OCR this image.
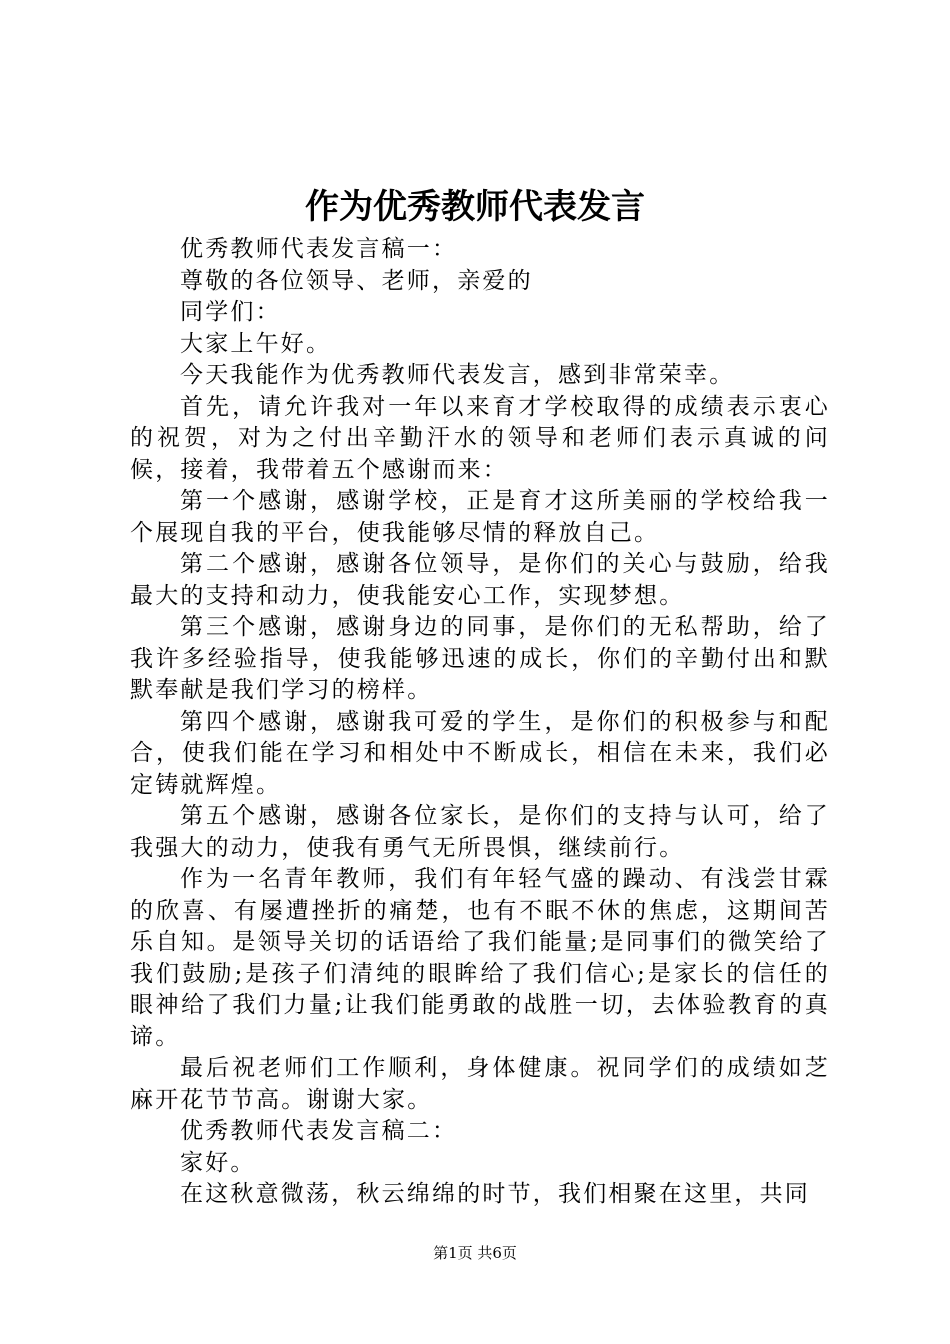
作为优秀教师代表发言

优秀教师代表发言稿一：

尊敬的各位领导、老师，亲爱的

同学们：

大家上午好。

今天我能作为优秀教师代表发言，感到非常荣幸。

首先，请允许我对一年以来育才学校取得的成绩表示衷心的祝贺，对为之付出辛勤汗水的领导和老师们表示真诚的问候，接着，我带着五个感谢而来：

第一个感谢，感谢学校，正是育才这所美丽的学校给我一个展现自我的平台，使我能够尽情的释放自己。

第二个感谢，感谢各位领导，是你们的关心与鼓励，给我最大的支持和动力，使我能安心工作，实现梦想。

第三个感谢，感谢身边的同事，是你们的无私帮助，给了我许多经验指导，使我能够迅速的成长，你们的辛勤付出和默默奉献是我们学习的榜样。

第四个感谢，感谢我可爱的学生，是你们的积极参与和配合，使我们能在学习和相处中不断成长，相信在未来，我们必定铸就辉煌。

第五个感谢，感谢各位家长，是你们的支持与认可，给了我强大的动力，使我有勇气无所畏惧，继续前行。

作为一名青年教师，我们有年轻气盛的躁动、有浅尝甘霖的欣喜、有屡遭挫折的痛楚，也有不眠不休的焦虑，这期间苦乐自知。是领导关切的话语给了我们能量;是同事们的微笑给了我们鼓励;是孩子们清纯的眼眸给了我们信心;是家长的信任的眼神给了我们力量;让我们能勇敢的战胜一切，去体验教育的真谛。

最后祝老师们工作顺利，身体健康。祝同学们的成绩如芝麻开花节节高。谢谢大家。

优秀教师代表发言稿二：

家好。

在这秋意微荡，秋云绵绵的时节，我们相聚在这里，共同

第1页 共6页
